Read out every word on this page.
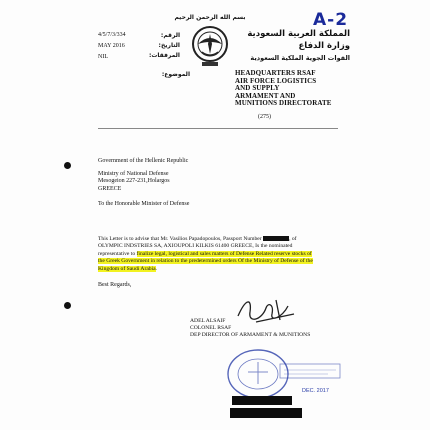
A-2
بسم الله الرحمن الرحيم
المملكة العربية السعودية
وزارة الدفاع
القوات الجوية الملكية السعودية
HEADQUARTERS RSAF
AIR FORCE LOGISTICS
AND SUPPLY
ARMAMENT AND
MUNITIONS DIRECTORATE
(275)
4/5/7/3/334
MAY 2016
NIL
الرقم:
التاريخ:
المرفقات:
الموضوع:
Government of the Hellenic Republic
Ministry of National Defense
Mesogeion 227-231,Holargos
GREECE
To the Honorable Minister of Defense
This Letter is to advise that Mr. Vasilios Papadopoulos, Passport Number	, of
OLYMPIC INDSTRIES SA, AXIOUPOLI KILKIS 61400 GREECE, Is the nominated
representative to finalize legal, logistical and sales matters of Defense Related reserve stocks of
the Greek Government in relation to the predetermined orders Of the Ministry of Defense of the
Kingdom of Saudi Arabia.
Best Regards,
ADEL ALSAIF
COLONEL RSAF
DEP DIRECTOR OF ARMAMENT & MUNITIONS
DEC. 2017
